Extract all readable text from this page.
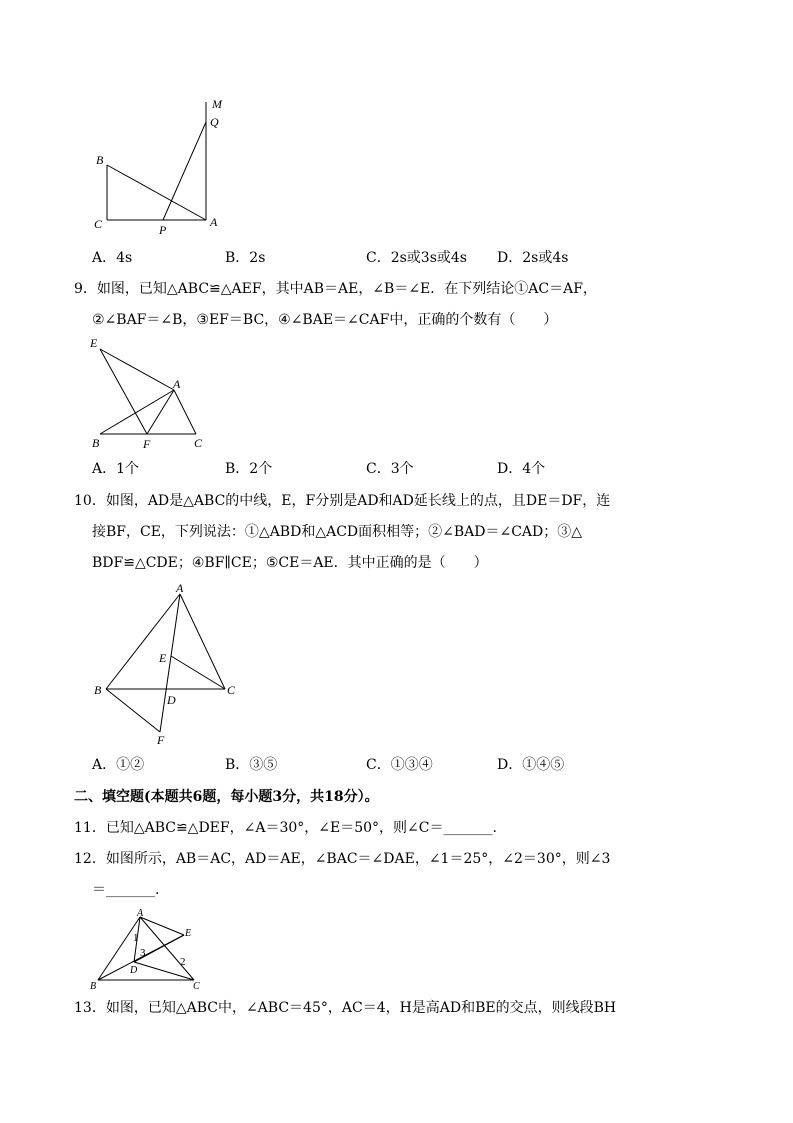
M
Q
B
C	P
A
A．4s	B．2s	C．2s或3s或4s D．2s或4s
9．如图，已知△ABC≌△AEF，其中AB＝AE，∠B＝∠E．在下列结论①AC＝AF，
②∠BAF＝∠B，③EF＝BC，④∠BAE＝∠CAF中，正确的个数有（　　）
E
A
B	F	C
A．1个	B．2个	C．3个	D．4个
10．如图，AD是△ABC的中线，E，F分别是AD和AD延长线上的点，且DE＝DF，连
接BF，CE，下列说法：①△ABD和△ACD面积相等；②∠BAD＝∠CAD；③△
BDF≌△CDE；④BF∥CE；⑤CE＝AE．其中正确的是（　　）
A
E
B
D
C
F
A．①②	B．③⑤	C．①③④	D．①④⑤
二、填空题(本题共6题，每小题3分，共18分）。
11．已知△ABC≌△DEF，∠A＝30°，∠E＝50°，则∠C＝_______.
12．如图所示，AB＝AC，AD＝AE，∠BAC＝∠DAE，∠1＝25°，∠2＝30°，则∠3
＝_______.
A
E
B	C
D
1
2
3
13．如图，已知△ABC中，∠ABC＝45°，AC＝4，H是高AD和BE的交点，则线段BH
